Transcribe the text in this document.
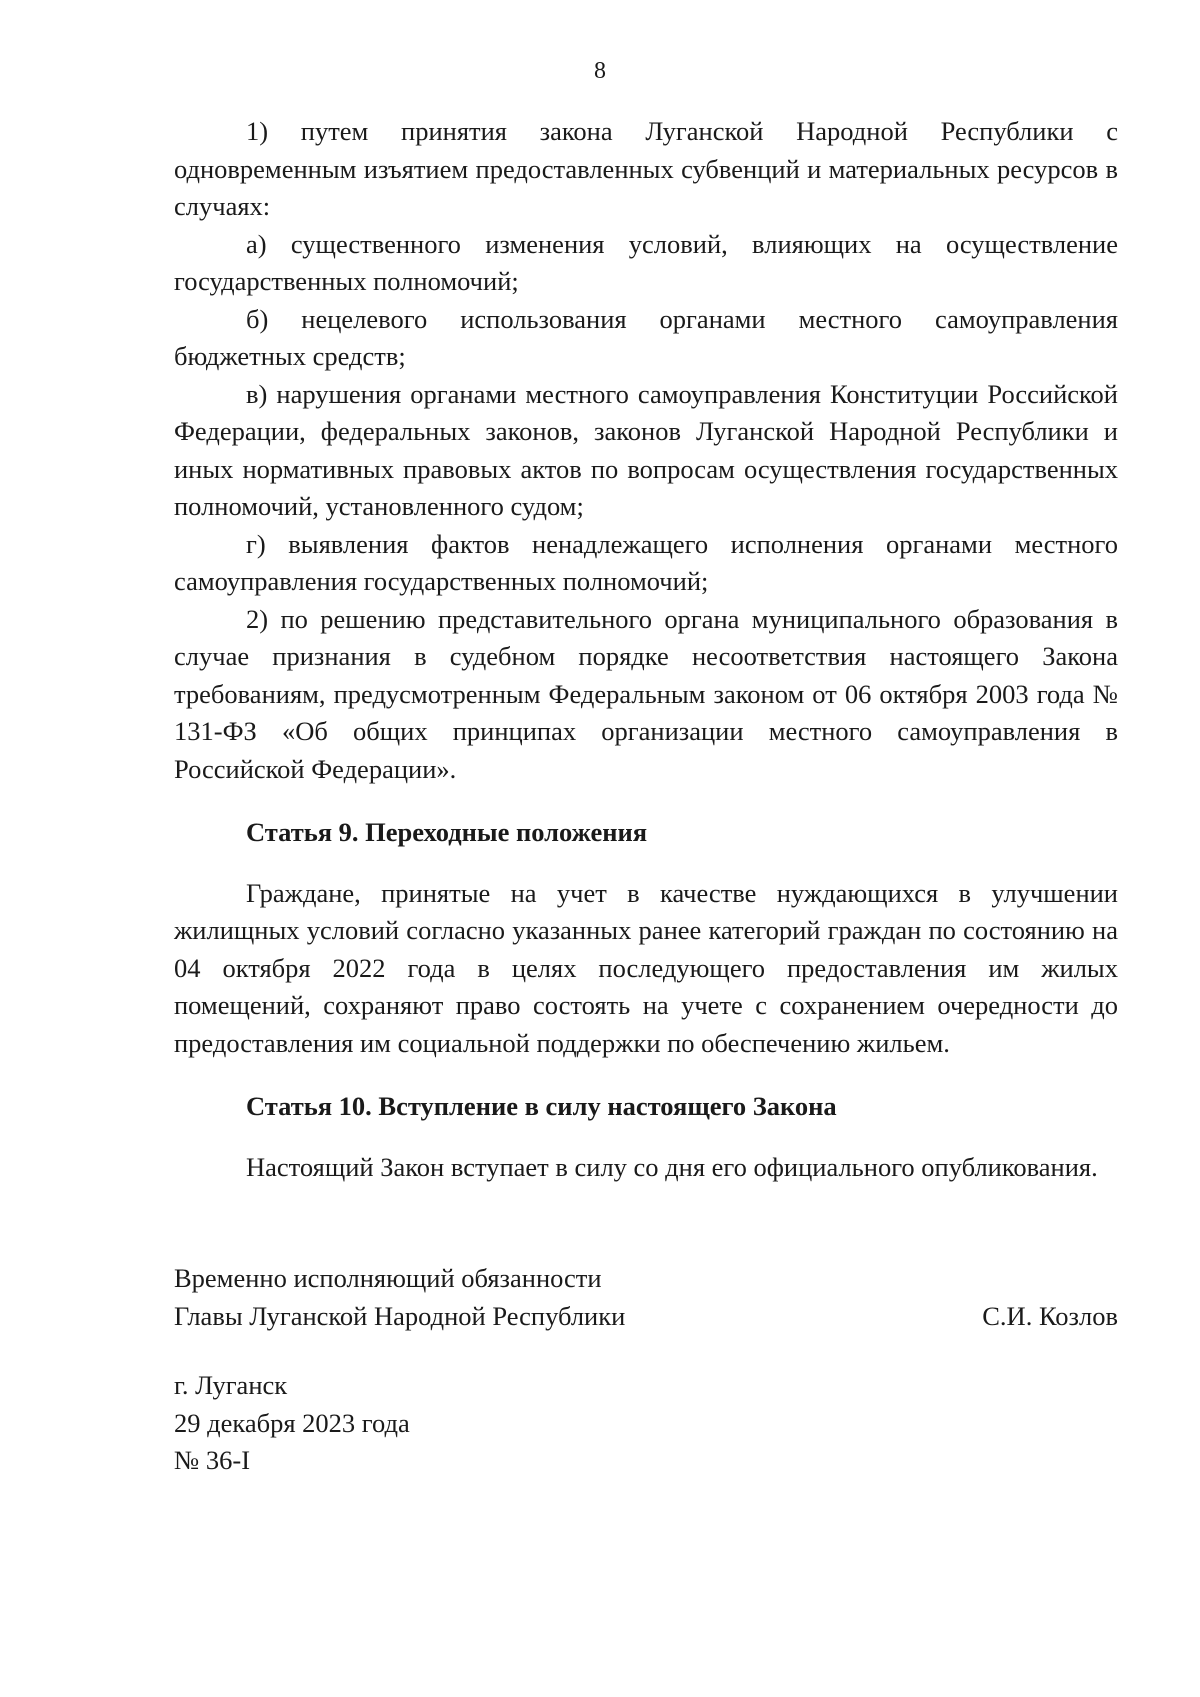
8

1) путем принятия закона Луганской Народной Республики с одновременным изъятием предоставленных субвенций и материальных ресурсов в случаях:

а) существенного изменения условий, влияющих на осуществление государственных полномочий;

б) нецелевого использования органами местного самоуправления бюджетных средств;

в) нарушения органами местного самоуправления Конституции Российской Федерации, федеральных законов, законов Луганской Народной Республики и иных нормативных правовых актов по вопросам осуществления государственных полномочий, установленного судом;

г) выявления фактов ненадлежащего исполнения органами местного самоуправления государственных полномочий;

2) по решению представительного органа муниципального образования в случае признания в судебном порядке несоответствия настоящего Закона требованиям, предусмотренным Федеральным законом от 06 октября 2003 года № 131-ФЗ «Об общих принципах организации местного самоуправления в Российской Федерации».

Статья 9. Переходные положения

Граждане, принятые на учет в качестве нуждающихся в улучшении жилищных условий согласно указанных ранее категорий граждан по состоянию на 04 октября 2022 года в целях последующего предоставления им жилых помещений, сохраняют право состоять на учете с сохранением очередности до предоставления им социальной поддержки по обеспечению жильем.

Статья 10. Вступление в силу настоящего Закона

Настоящий Закон вступает в силу со дня его официального опубликования.

Временно исполняющий обязанности
Главы Луганской Народной Республики	С.И. Козлов
г. Луганск
29 декабря 2023 года
№ 36-I
